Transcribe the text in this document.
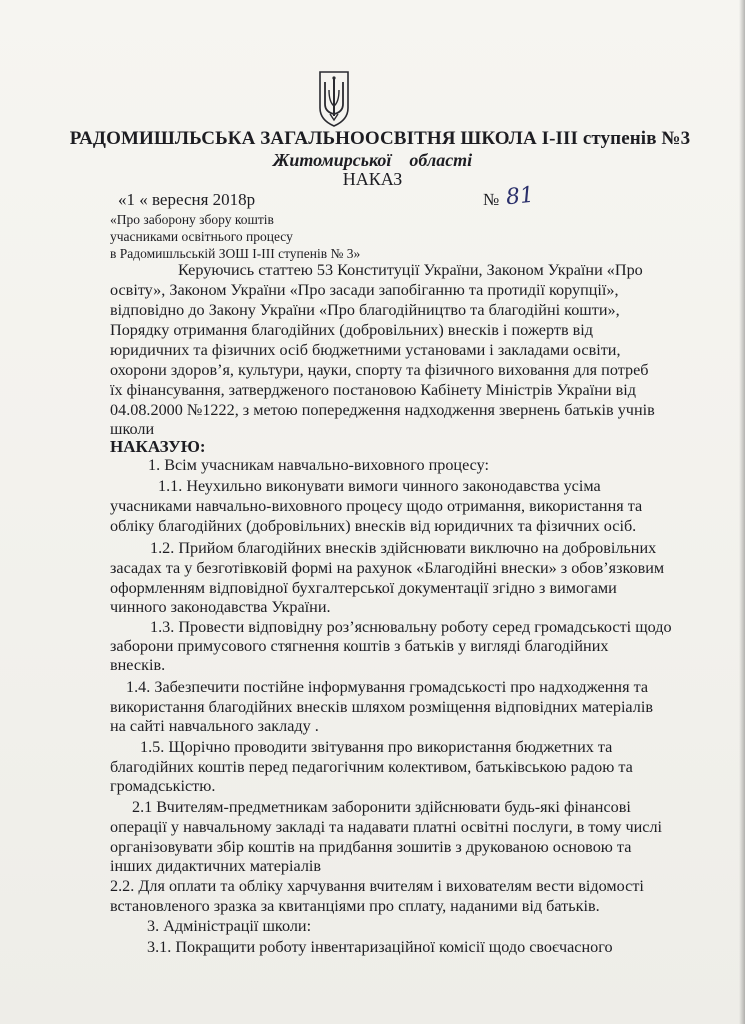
РАДОМИШЛЬСЬКА ЗАГАЛЬНООСВІТНЯ ШКОЛА І-ІІІ ступенів №3
Житомирської    області
НАКАЗ
«1 « вересня 2018р	№ 81
«Про заборону збору коштів
учасниками освітнього процесу
в Радомишльській ЗОШ І-ІІІ ступенів № 3»
Керуючись статтею 53 Конституції України, Законом України «Про
освіту», Законом України «Про засади запобіганню та протидії корупції»,
відповідно до Закону України «Про благодійництво та благодійні кошти»,
Порядку отримання благодійних (добровільних) внесків і пожертв від
юридичних та фізичних осіб бюджетними установами і закладами освіти,
охорони здоров’я, культури, ңауки, спорту та фізичного виховання для потреб
їх фінансування, затвердженого постановою Кабінету Міністрів України від
04.08.2000 №1222, з метою попередження надходження звернень батьків учнів
школи
НАКАЗУЮ:
1. Всім учасникам навчально-виховного процесу:
1.1. Неухильно виконувати вимоги чинного законодавства усіма
учасниками навчально-виховного процесу щодо отримання, використання та
обліку благодійних (добровільних) внесків від юридичних та фізичних осіб.
1.2. Прийом благодійних внесків здійснювати виключно на добровільних
засадах та у безготівковій формі на рахунок «Благодійні внески» з обов’язковим
оформленням відповідної бухгалтерської документації згідно з вимогами
чинного законодавства України.
1.3. Провести відповідну роз’яснювальну роботу серед громадськості щодо
заборони примусового стягнення коштів з батьків у вигляді благодійних
внесків.
1.4. Забезпечити постійне інформування громадськості про надходження та
використання благодійних внесків шляхом розміщення відповідних матеріалів
на сайті навчального закладу .
1.5. Щорічно проводити звітування про використання бюджетних та
благодійних коштів перед педагогічним колективом, батьківською радою та
громадськістю.
2.1 Вчителям-предметникам заборонити здійснювати будь-які фінансові
операції у навчальному закладі та надавати платні освітні послуги, в тому числі
організовувати збір коштів на придбання зошитів з друкованою основою та
інших дидактичних матеріалів
2.2. Для оплати та обліку харчування вчителям і вихователям вести відомості
встановленого зразка за квитанціями про сплату, наданими від батьків.
3. Адміністрації школи:
3.1. Покращити роботу інвентаризаційної комісії щодо своєчасного
